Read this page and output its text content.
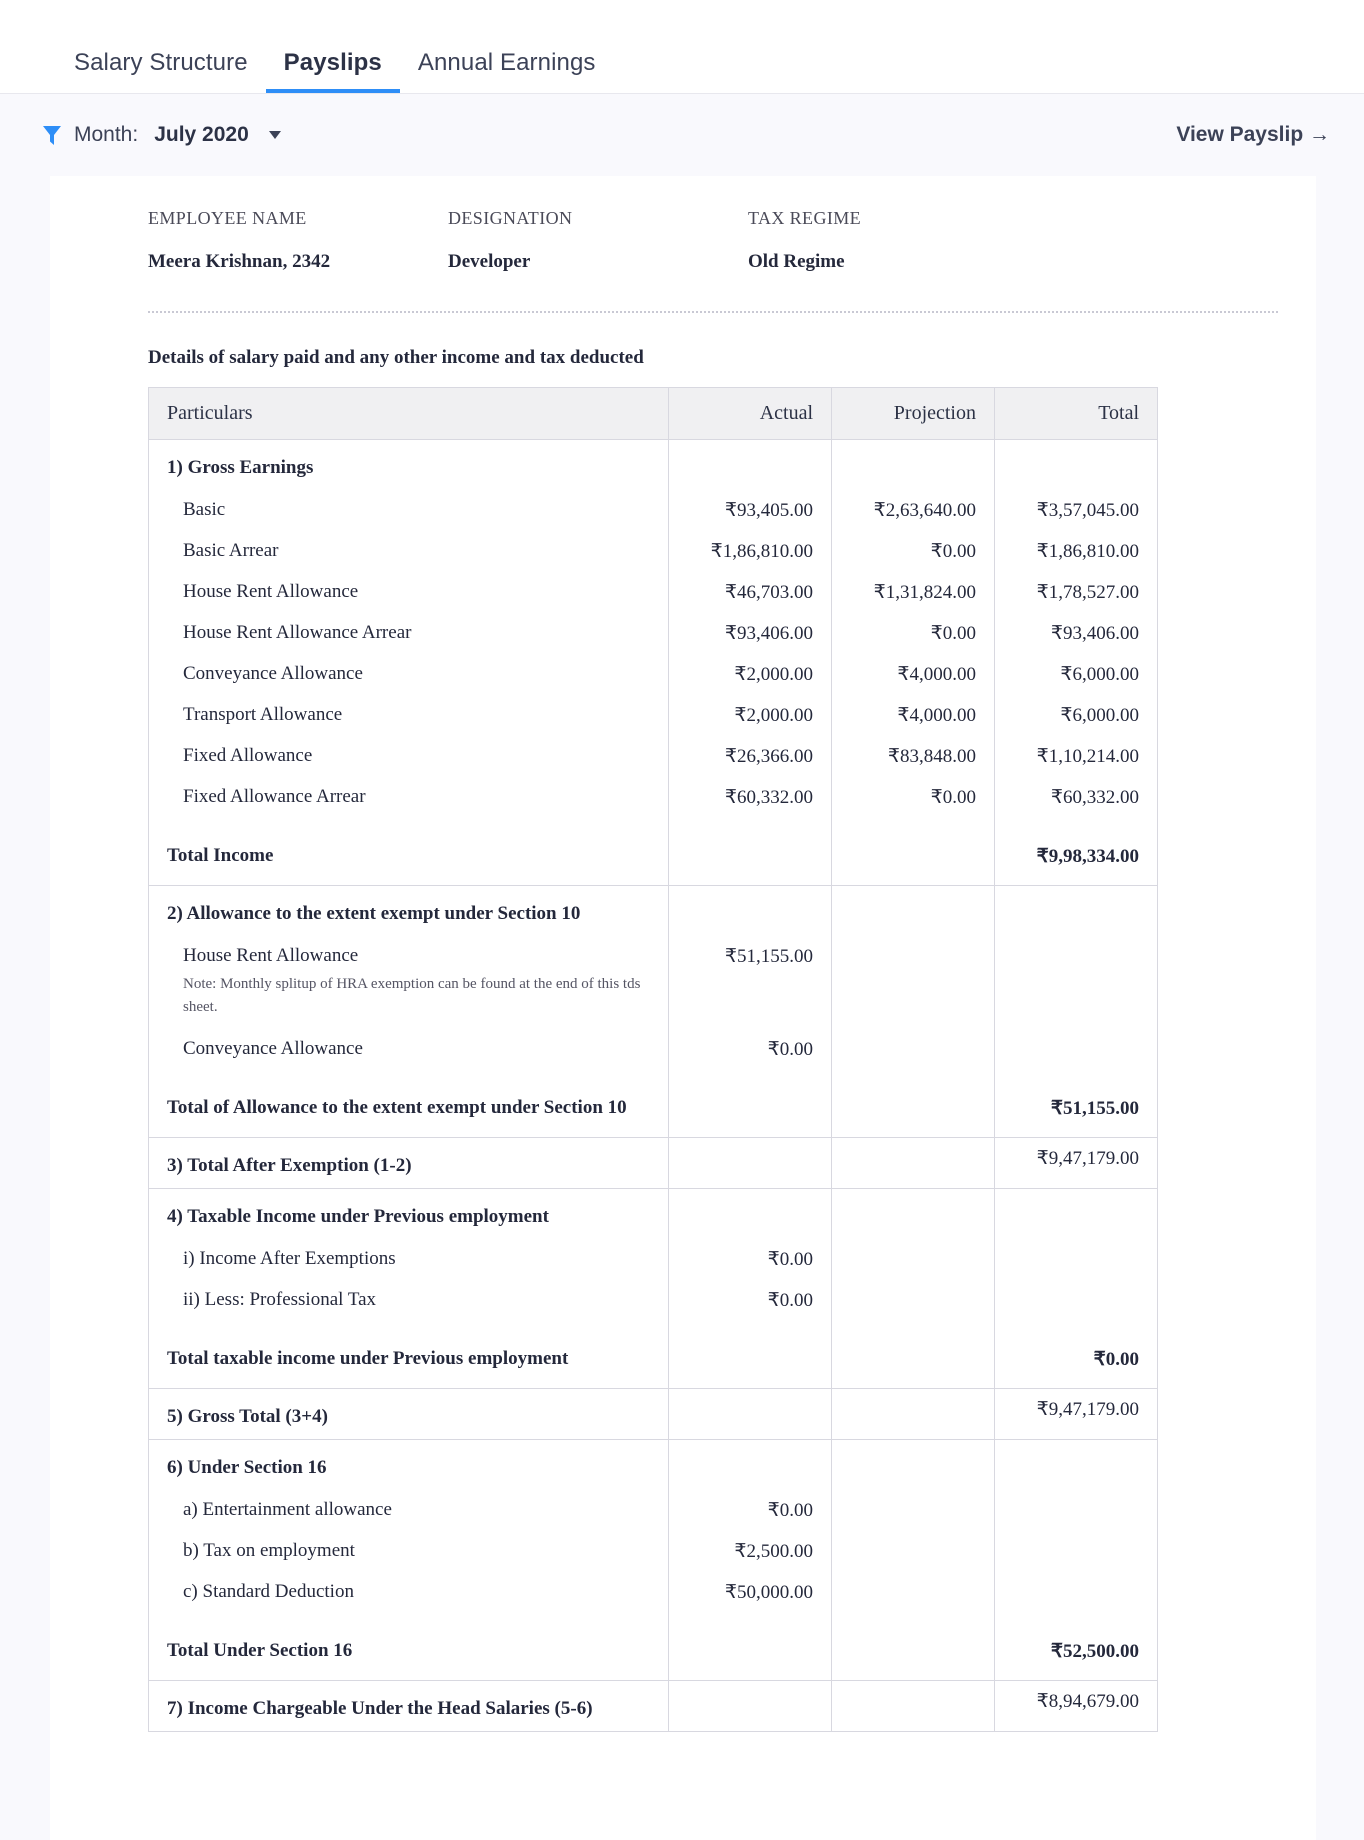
Salary Structure	Payslips	Annual Earnings
Month: July 2020	View Payslip →
EMPLOYEE NAME
Meera Krishnan, 2342
DESIGNATION
Developer
TAX REGIME
Old Regime
Details of salary paid and any other income and tax deducted
Particulars	Actual	Projection	Total
1) Gross Earnings			
Basic	₹93,405.00	₹2,63,640.00	₹3,57,045.00
Basic Arrear	₹1,86,810.00	₹0.00	₹1,86,810.00
House Rent Allowance	₹46,703.00	₹1,31,824.00	₹1,78,527.00
House Rent Allowance Arrear	₹93,406.00	₹0.00	₹93,406.00
Conveyance Allowance	₹2,000.00	₹4,000.00	₹6,000.00
Transport Allowance	₹2,000.00	₹4,000.00	₹6,000.00
Fixed Allowance	₹26,366.00	₹83,848.00	₹1,10,214.00
Fixed Allowance Arrear	₹60,332.00	₹0.00	₹60,332.00

Total Income			₹9,98,334.00
2) Allowance to the extent exempt under Section 10			
House Rent Allowance
Note: Monthly splitup of HRA exemption can be found at the end of this tds sheet.	₹51,155.00		
Conveyance Allowance	₹0.00		

Total of Allowance to the extent exempt under Section 10			₹51,155.00
3) Total After Exemption (1-2)			₹9,47,179.00
4) Taxable Income under Previous employment			
i) Income After Exemptions	₹0.00		
ii) Less: Professional Tax	₹0.00		

Total taxable income under Previous employment			₹0.00
5) Gross Total (3+4)			₹9,47,179.00
6) Under Section 16			
a) Entertainment allowance	₹0.00		
b) Tax on employment	₹2,500.00		
c) Standard Deduction	₹50,000.00		

Total Under Section 16			₹52,500.00
7) Income Chargeable Under the Head Salaries (5-6)			₹8,94,679.00
